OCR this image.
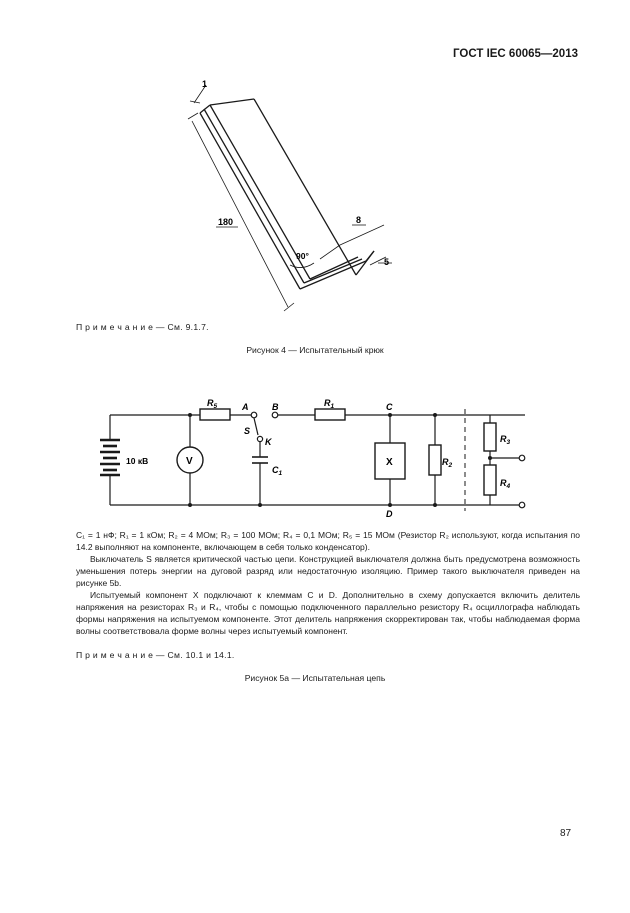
ГОСТ IEC 60065—2013
1
180	8
5
90°
П р и м е ч а н и е — См. 9.1.7.
Рисунок 4 — Испытательный крюк
10 кВ	V	X
$R_5$	$R_1$
$R_2$
$R_3$
$R_4$
$C_1$
A	B
S
K
C
D
C₁ = 1 нФ; R₁ = 1 кОм; R₂ = 4 МОм; R₃ = 100 МОм; R₄ = 0,1 МОм; R₅ = 15 МОм (Резистор R₂ используют, когда испытания по 14.2 выполняют на компоненте, включающем в себя только конденсатор).
Выключатель S является критической частью цепи. Конструкцией выключателя должна быть предусмотрена возможность уменьшения потерь энергии на дуговой разряд или недостаточную изоляцию. Пример такого выключателя приведен на рисунке 5b.
Испытуемый компонент X подключают к клеммам C и D. Дополнительно в схему допускается включить делитель напряжения на резисторах R₃ и R₄, чтобы с помощью подключенного параллельно резистору R₄ осциллографа наблюдать формы напряжения на испытуемом компоненте. Этот делитель напряжения скорректирован так, чтобы наблюдаемая форма волны соответствовала форме волны через испытуемый компонент.
П р и м е ч а н и е — См. 10.1 и 14.1.
Рисунок 5a — Испытательная цепь
87
